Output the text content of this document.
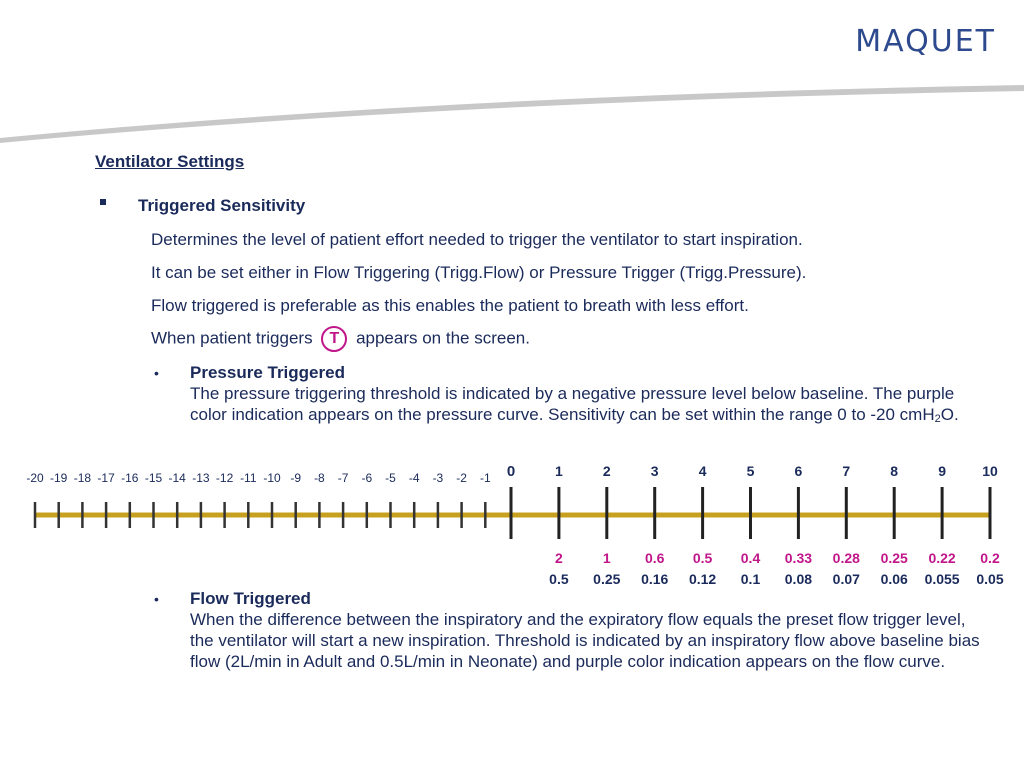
MAQUET
Ventilator Settings
Triggered Sensitivity
Determines the level of patient effort needed to trigger the ventilator to start inspiration.
It can be set either in Flow Triggering (Trigg.Flow) or Pressure Trigger (Trigg.Pressure).
Flow triggered is preferable as this enables the patient to breath with less effort.
When patient triggers T appears on the screen.
• Pressure Triggered
The pressure triggering threshold is indicated by a negative pressure level below baseline. The purple color indication appears on the pressure curve. Sensitivity can be set within the range 0 to -20 cmH$_2$O.
-20 -19 -18 -17 -16 -15 -14 -13 -12 -11 -10 -9 -8 -7 -6 -5 -4 -3 -2 -1 0	1
2
0.5
2
1
0.25
3
0.6
0.16
4
0.5
0.12
5
0.4
0.1
6
0.33
0.08
7
0.28
0.07
8
0.25
0.06
9
0.22
0.055
10
0.2
0.05
• Flow Triggered
When the difference between the inspiratory and the expiratory flow equals the preset flow trigger level, the ventilator will start a new inspiration. Threshold is indicated by an inspiratory flow above baseline bias flow (2L/min in Adult and 0.5L/min in Neonate) and purple color indication appears on the flow curve.
